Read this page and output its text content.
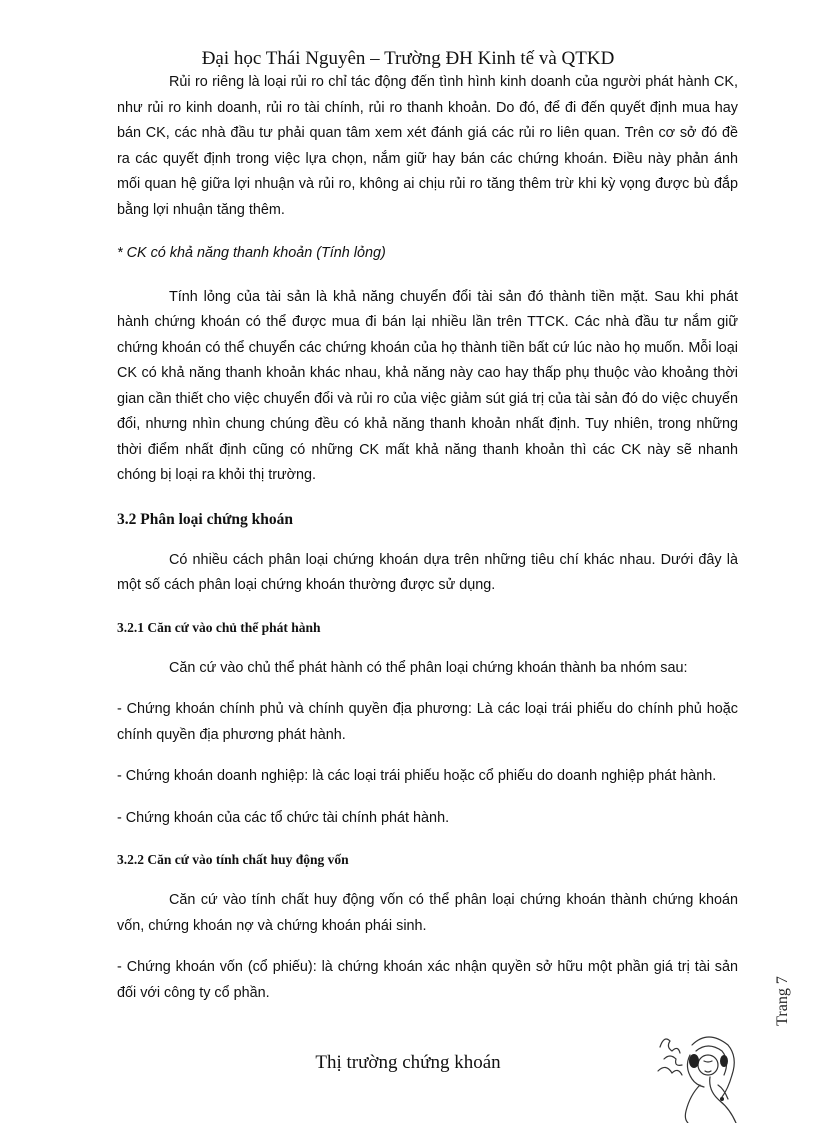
Đại học Thái Nguyên – Trường ĐH Kinh tế và QTKD

Rủi ro riêng là loại rủi ro chỉ tác động đến tình hình kinh doanh của người phát hành CK, như rủi ro kinh doanh, rủi ro tài chính, rủi ro thanh khoản. Do đó, để đi đến quyết định mua hay bán CK, các nhà đầu tư phải quan tâm xem xét đánh giá các rủi ro liên quan. Trên cơ sở đó đề ra các quyết định trong việc lựa chọn, nắm giữ hay bán các chứng khoán. Điều này phản ánh mối quan hệ giữa lợi nhuận và rủi ro, không ai chịu rủi ro tăng thêm trừ khi kỳ vọng được bù đắp bằng lợi nhuận tăng thêm.

* CK có khả năng thanh khoản (Tính lỏng)

Tính lỏng của tài sản là khả năng chuyển đổi tài sản đó thành tiền mặt. Sau khi phát hành chứng khoán có thể được mua đi bán lại nhiều lần trên TTCK. Các nhà đầu tư nắm giữ chứng khoán có thể chuyển các chứng khoán của họ thành tiền bất cứ lúc nào họ muốn. Mỗi loại CK có khả năng thanh khoản khác nhau, khả năng này cao hay thấp phụ thuộc vào khoảng thời gian cần thiết cho việc chuyển đổi và rủi ro của việc giảm sút giá trị của tài sản đó do việc chuyển đổi, nhưng nhìn chung chúng đều có khả năng thanh khoản nhất định. Tuy nhiên, trong những thời điểm nhất định cũng có những CK mất khả năng thanh khoản thì các CK này sẽ nhanh chóng bị loại ra khỏi thị trường.

3.2 Phân loại chứng khoán

Có nhiều cách phân loại chứng khoán dựa trên những tiêu chí khác nhau. Dưới đây là một số cách phân loại chứng khoán thường được sử dụng.

3.2.1 Căn cứ vào chủ thể phát hành

Căn cứ vào chủ thể phát hành có thể phân loại chứng khoán thành ba nhóm sau:

- Chứng khoán chính phủ và chính quyền địa phương: Là các loại trái phiếu do chính phủ hoặc chính quyền địa phương phát hành.

- Chứng khoán doanh nghiệp: là các loại trái phiếu hoặc cổ phiếu do doanh nghiệp phát hành.

- Chứng khoán của các tổ chức tài chính phát hành.

3.2.2 Căn cứ vào tính chất huy động vốn

Căn cứ vào tính chất huy động vốn có thể phân loại chứng khoán thành chứng khoán vốn, chứng khoán nợ và chứng khoán phái sinh.

- Chứng khoán vốn (cổ phiếu): là chứng khoán xác nhận quyền sở hữu một phần giá trị tài sản đối với công ty cổ phần.	Trang 7
Thị trường chứng khoán
